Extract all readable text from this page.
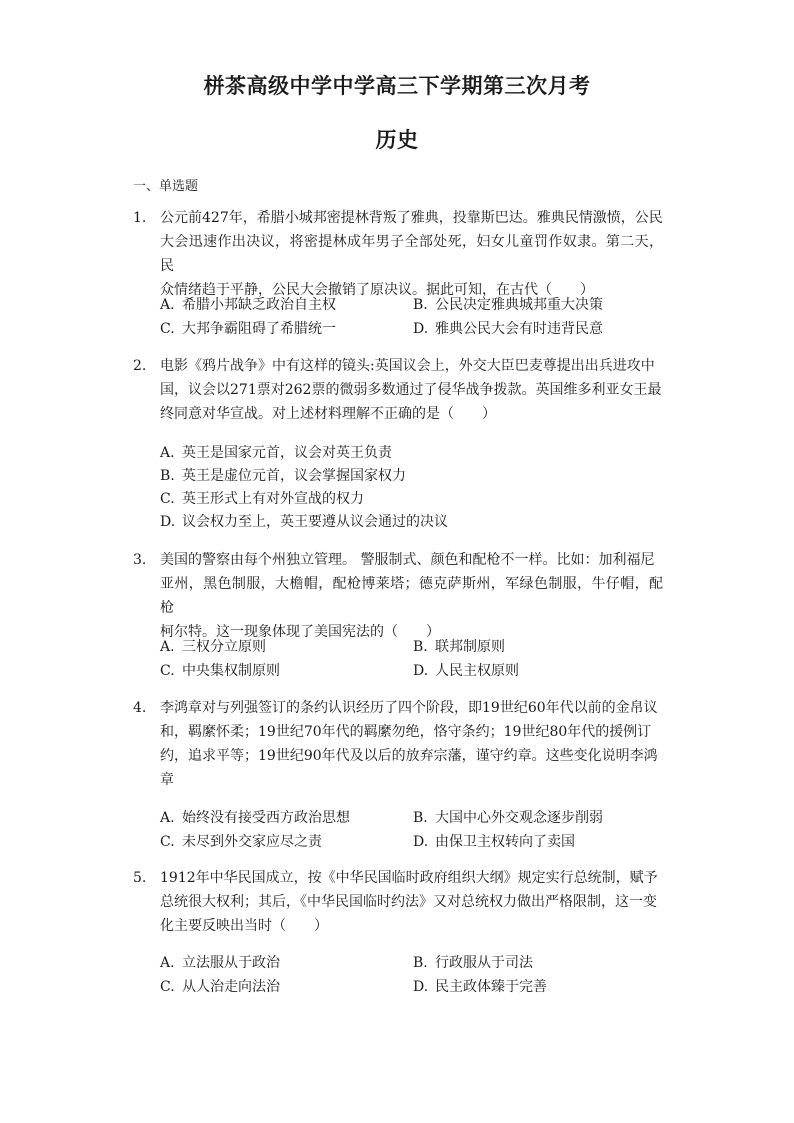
栟茶高级中学中学高三下学期第三次月考
历史
一、单选题
1. 公元前427年，希腊小城邦密提林背叛了雅典，投靠斯巴达。雅典民情激愤，公民
大会迅速作出决议，将密提林成年男子全部处死，妇女儿童罚作奴隶。第二天，民
众情绪趋于平静，公民大会撤销了原决议。据此可知，在古代（　　）
A. 希腊小邦缺乏政治自主权	B. 公民决定雅典城邦重大决策
C. 大邦争霸阻碍了希腊统一	D. 雅典公民大会有时违背民意
2. 电影《鸦片战争》中有这样的镜头:英国议会上，外交大臣巴麦尊提出出兵进攻中
国，议会以271票对262票的微弱多数通过了侵华战争拨款。英国维多利亚女王最
终同意对华宣战。对上述材料理解不正确的是（　　）
A. 英王是国家元首，议会对英王负责
B. 英王是虚位元首，议会掌握国家权力
C. 英王形式上有对外宣战的权力
D. 议会权力至上，英王要遵从议会通过的决议
3. 美国的警察由每个州独立管理。 警服制式、颜色和配枪不一样。比如：加利福尼
亚州，黑色制服，大檐帽，配枪博莱塔；德克萨斯州，军绿色制服，牛仔帽，配枪
柯尔特。这一现象体现了美国宪法的（　　）
A. 三权分立原则	B. 联邦制原则
C. 中央集权制原则	D. 人民主权原则
4. 李鸿章对与列强签订的条约认识经历了四个阶段，即19世纪60年代以前的金帛议
和，羁縻怀柔；19世纪70年代的羁縻勿绝，恪守条约；19世纪80年代的援例订
约，追求平等；19世纪90年代及以后的放弃宗藩，谨守约章。这些变化说明李鸿
章
A. 始终没有接受西方政治思想	B. 大国中心外交观念逐步削弱
C. 未尽到外交家应尽之责	D. 由保卫主权转向了卖国
5. 1912年中华民国成立，按《中华民国临时政府组织大纲》规定实行总统制，赋予
总统很大权利；其后，《中华民国临时约法》又对总统权力做出严格限制，这一变
化主要反映出当时（　　）
A. 立法服从于政治	B. 行政服从于司法
C. 从人治走向法治	D. 民主政体臻于完善
